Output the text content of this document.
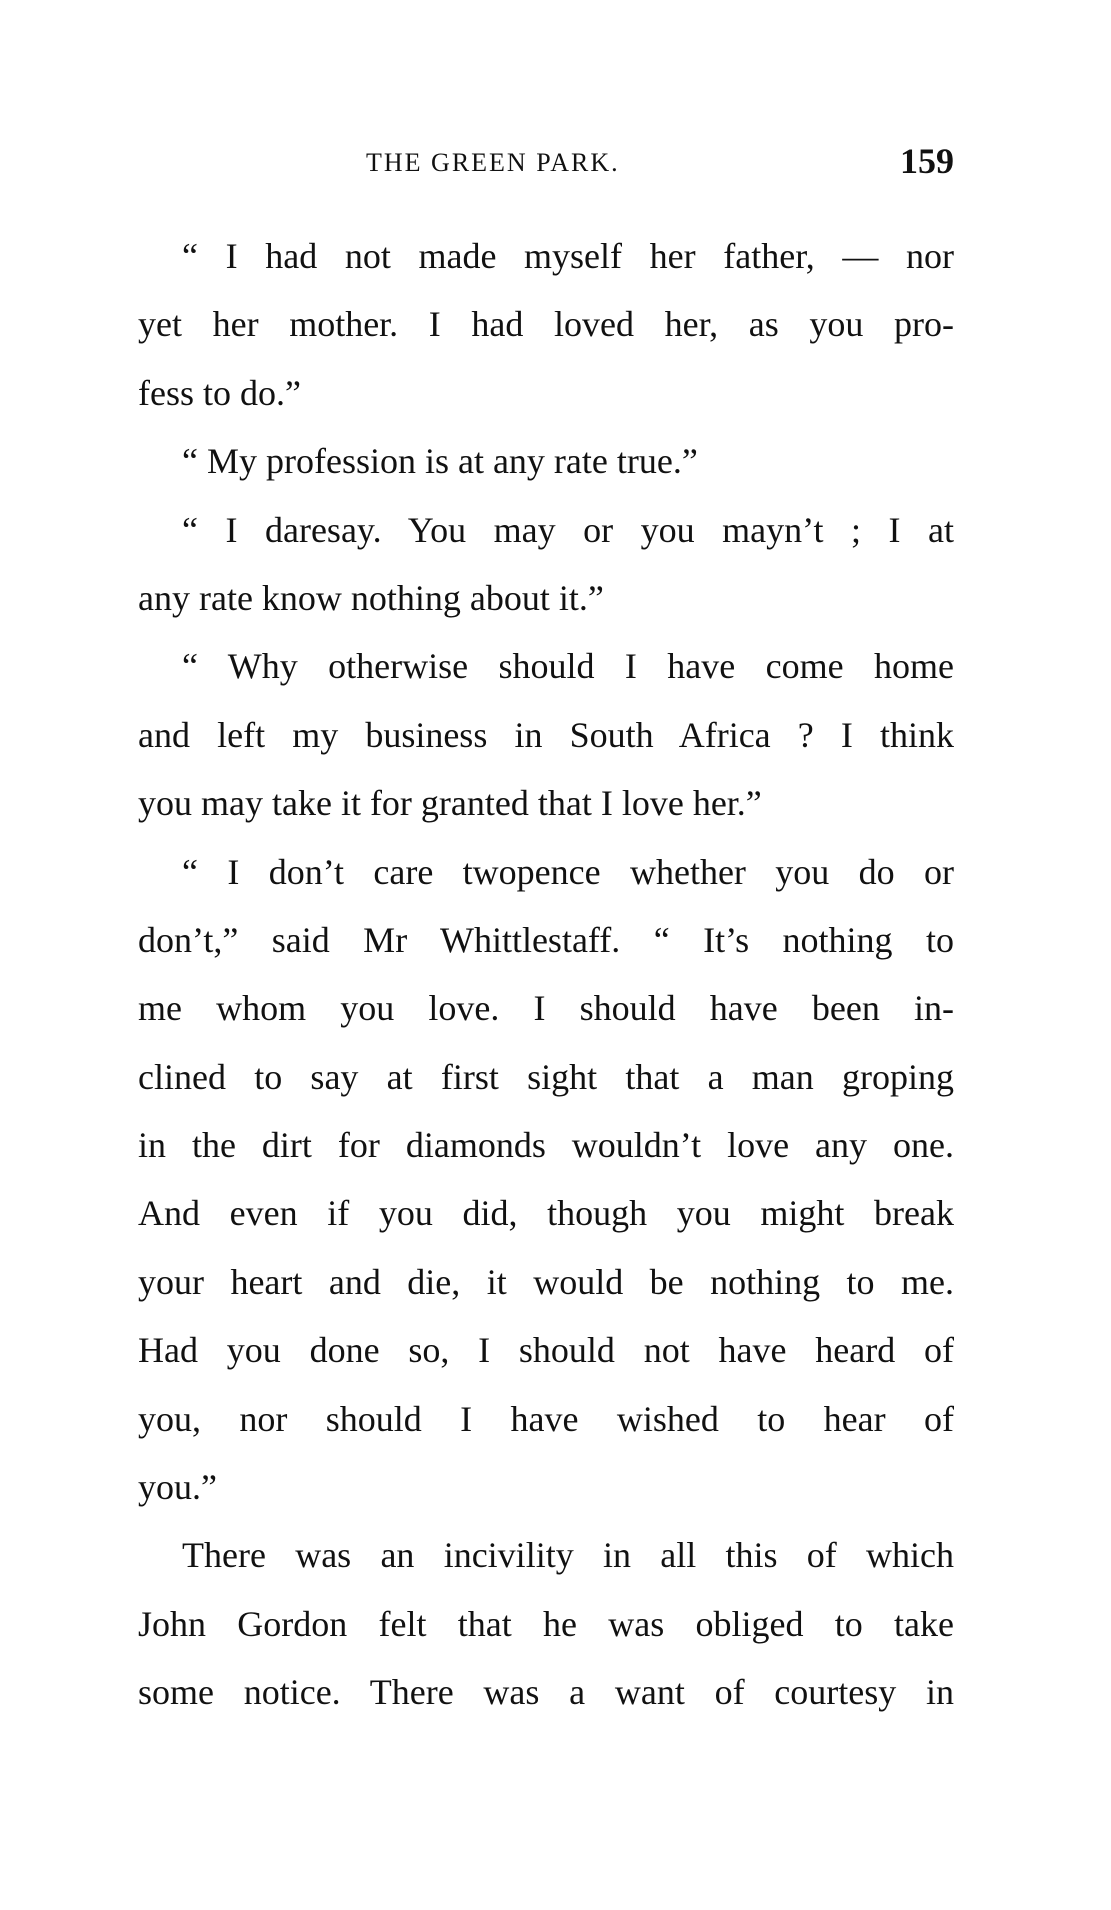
THE GREEN PARK.	159
“ I had not made myself her father, — nor
yet her mother. I had loved her, as you pro-
fess to do.”
“ My profession is at any rate true.”
“ I daresay. You may or you mayn’t ; I at
any rate know nothing about it.”
“ Why otherwise should I have come home
and left my business in South Africa ? I think
you may take it for granted that I love her.”
“ I don’t care twopence whether you do or
don’t,” said Mr Whittlestaff. “ It’s nothing to
me whom you love. I should have been in-
clined to say at first sight that a man groping
in the dirt for diamonds wouldn’t love any one.
And even if you did, though you might break
your heart and die, it would be nothing to me.
Had you done so, I should not have heard of
you, nor should I have wished to hear of
you.”
There was an incivility in all this of which
John Gordon felt that he was obliged to take
some notice. There was a want of courtesy in
